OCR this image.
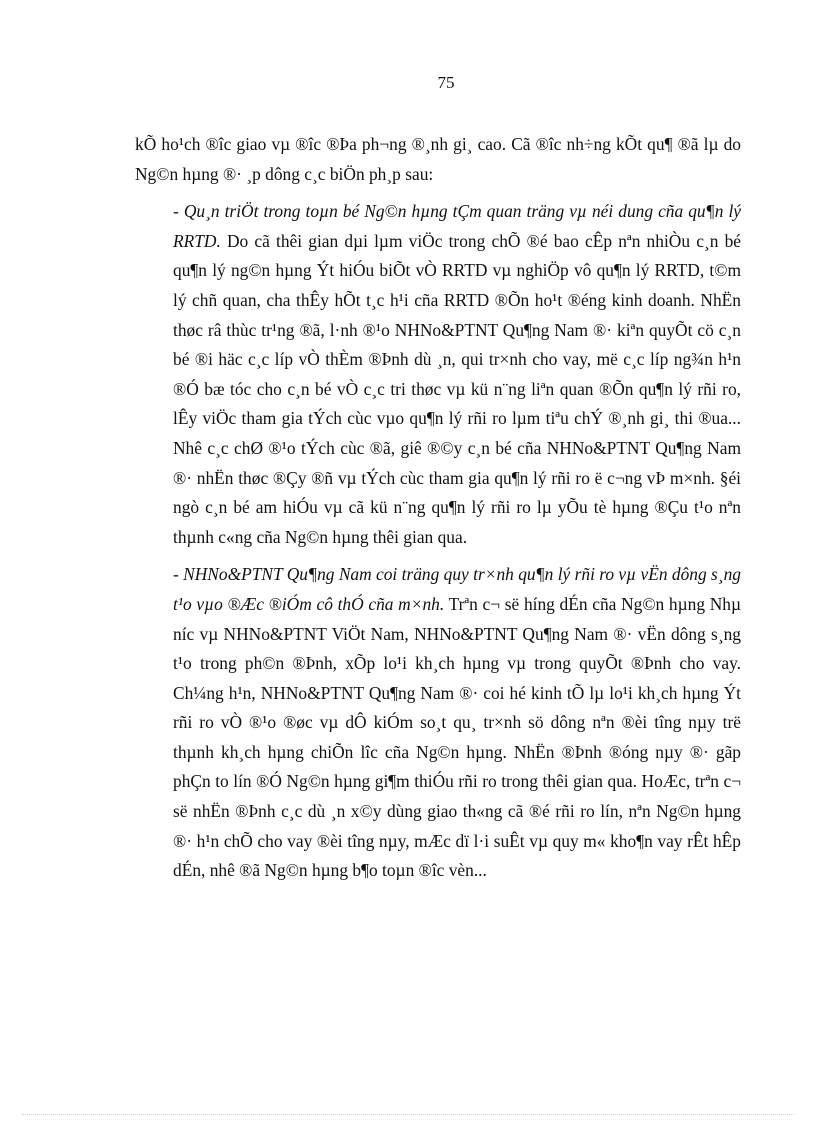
75

kÕ ho¹ch ®îc giao vµ ®îc ®Þa ph¬ng ®¸nh gi¸ cao. Cã ®îc nh÷ng kÕt qu¶ ®ã lµ do Ng©n hµng ®· ¸p dông c¸c biÖn ph¸p sau:

- Qu¸n triÖt trong toµn bé Ng©n hµng tÇm quan träng vµ néi dung cña qu¶n lý RRTD. Do cã thêi gian dµi lµm viÖc trong chÕ ®é bao cÊp nªn nhiÒu c¸n bé qu¶n lý ng©n hµng Ýt hiÓu biÕt vÒ RRTD vµ nghiÖp vô qu¶n lý RRTD, t©m lý chñ quan, cha thÊy hÕt t¸c h¹i cña RRTD ®Õn ho¹t ®éng kinh doanh. NhËn thøc râ thùc tr¹ng ®ã, l·nh ®¹o NHNo&PTNT Qu¶ng Nam ®· kiªn quyÕt cö c¸n bé ®i häc c¸c líp vÒ thÈm ®Þnh dù ¸n, qui tr×nh cho vay, më c¸c líp ng¾n h¹n ®Ó bæ tóc cho c¸n bé vÒ c¸c tri thøc vµ kü n¨ng liªn quan ®Õn qu¶n lý rñi ro, lÊy viÖc tham gia tÝch cùc vµo qu¶n lý rñi ro lµm tiªu chÝ ®¸nh gi¸ thi ®ua... Nhê c¸c chØ ®¹o tÝch cùc ®ã, giê ®©y c¸n bé cña NHNo&PTNT Qu¶ng Nam ®· nhËn thøc ®Çy ®ñ vµ tÝch cùc tham gia qu¶n lý rñi ro ë c¬ng vÞ m×nh. §éi ngò c¸n bé am hiÓu vµ cã kü n¨ng qu¶n lý rñi ro lµ yÕu tè hµng ®Çu t¹o nªn thµnh c«ng cña Ng©n hµng thêi gian qua.

- NHNo&PTNT Qu¶ng Nam coi träng quy tr×nh qu¶n lý rñi ro vµ vËn dông s¸ng t¹o vµo ®Æc ®iÓm cô thÓ cña m×nh. Trªn c¬ së híng dÉn cña Ng©n hµng Nhµ níc vµ NHNo&PTNT ViÖt Nam, NHNo&PTNT Qu¶ng Nam ®· vËn dông s¸ng t¹o trong ph©n ®Þnh, xÕp lo¹i kh¸ch hµng vµ trong quyÕt ®Þnh cho vay. Ch¼ng h¹n, NHNo&PTNT Qu¶ng Nam ®· coi hé kinh tÕ lµ lo¹i kh¸ch hµng Ýt rñi ro vÒ ®¹o ®øc vµ dÔ kiÓm so¸t qu¸ tr×nh sö dông nªn ®èi tîng nµy trë thµnh kh¸ch hµng chiÕn lîc cña Ng©n hµng. NhËn ®Þnh ®óng nµy ®· gãp phÇn to lín ®Ó Ng©n hµng gi¶m thiÓu rñi ro trong thêi gian qua. HoÆc, trªn c¬ së nhËn ®Þnh c¸c dù ¸n x©y dùng giao th«ng cã ®é rñi ro lín, nªn Ng©n hµng ®· h¹n chÕ cho vay ®èi tîng nµy, mÆc dï l·i suÊt vµ quy m« kho¶n vay rÊt hÊp dÉn, nhê ®ã Ng©n hµng b¶o toµn ®îc vèn...
